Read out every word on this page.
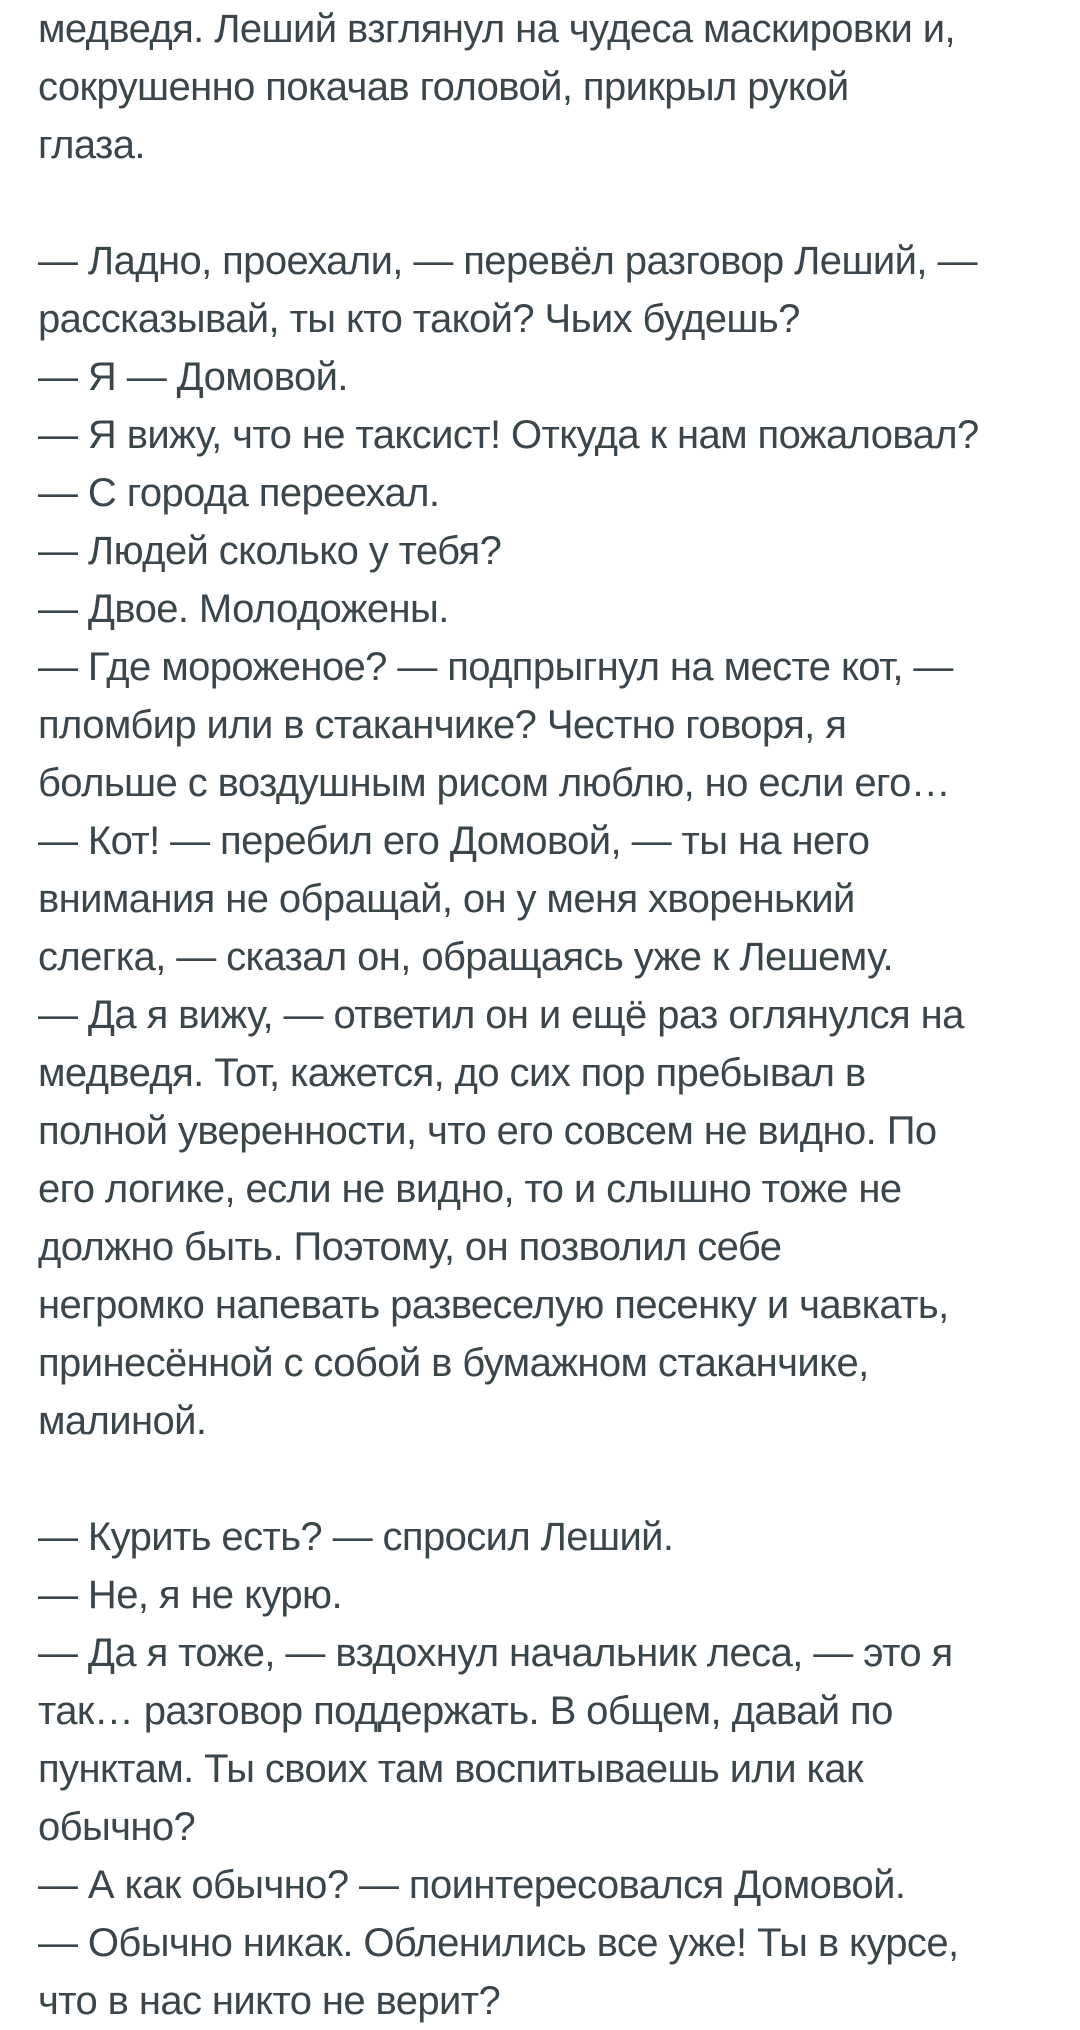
медведя. Леший взглянул на чудеса маскировки и,
сокрушенно покачав головой, прикрыл рукой
глаза.

— Ладно, проехали, — перевёл разговор Леший, —
рассказывай, ты кто такой? Чьих будешь?

— Я — Домовой.

— Я вижу, что не таксист! Откуда к нам пожаловал?

— С города переехал.

— Людей сколько у тебя?

— Двое. Молодожены.

— Где мороженое? — подпрыгнул на месте кот, —
пломбир или в стаканчике? Честно говоря, я
больше с воздушным рисом люблю, но если его…

— Кот! — перебил его Домовой, — ты на него
внимания не обращай, он у меня хворенький
слегка, — сказал он, обращаясь уже к Лешему.

— Да я вижу, — ответил он и ещё раз оглянулся на
медведя. Тот, кажется, до сих пор пребывал в
полной уверенности, что его совсем не видно. По
его логике, если не видно, то и слышно тоже не
должно быть. Поэтому, он позволил себе
негромко напевать развеселую песенку и чавкать,
принесённой с собой в бумажном стаканчике,
малиной.

— Курить есть? — спросил Леший.

— Не, я не курю.

— Да я тоже, — вздохнул начальник леса, — это я
так… разговор поддержать. В общем, давай по
пунктам. Ты своих там воспитываешь или как
обычно?

— А как обычно? — поинтересовался Домовой.

— Обычно никак. Обленились все уже! Ты в курсе,
что в нас никто не верит?
